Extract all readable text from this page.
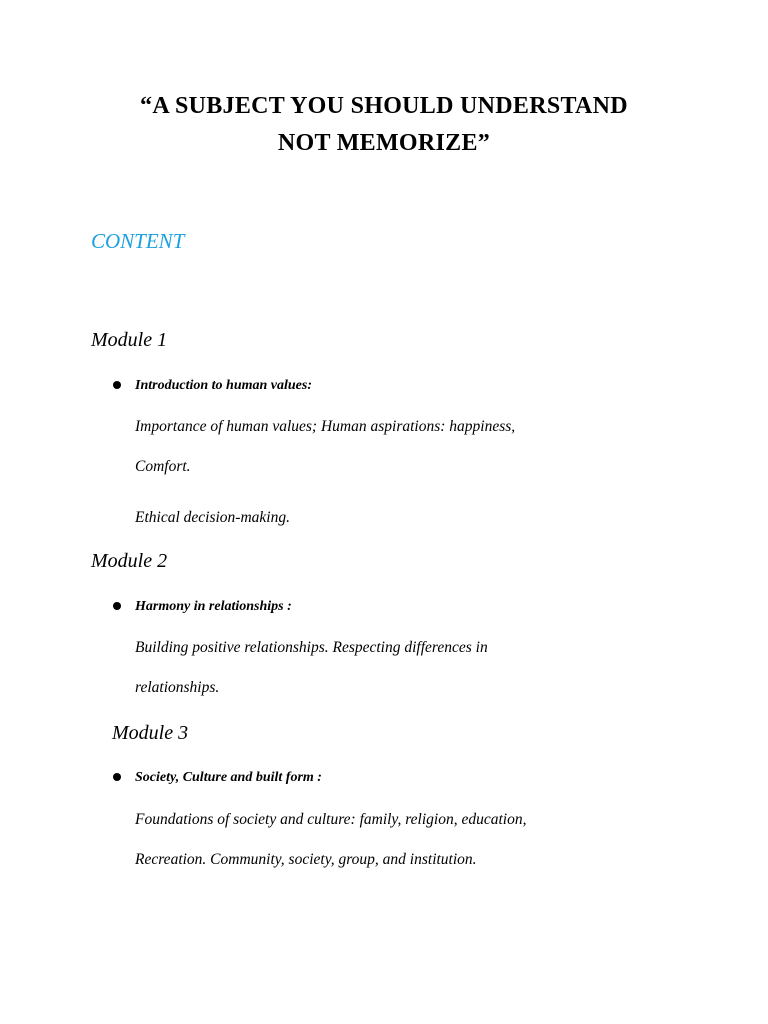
“A SUBJECT YOU SHOULD UNDERSTAND
NOT MEMORIZE”
CONTENT
Module 1

Introduction to human values:

Importance of human values; Human aspirations: happiness,

Comfort.

Ethical decision-making.

Module 2

Harmony in relationships :

Building positive relationships. Respecting differences in

relationships.

Module 3

Society, Culture and built form :

Foundations of society and culture: family, religion, education,

Recreation. Community, society, group, and institution.
